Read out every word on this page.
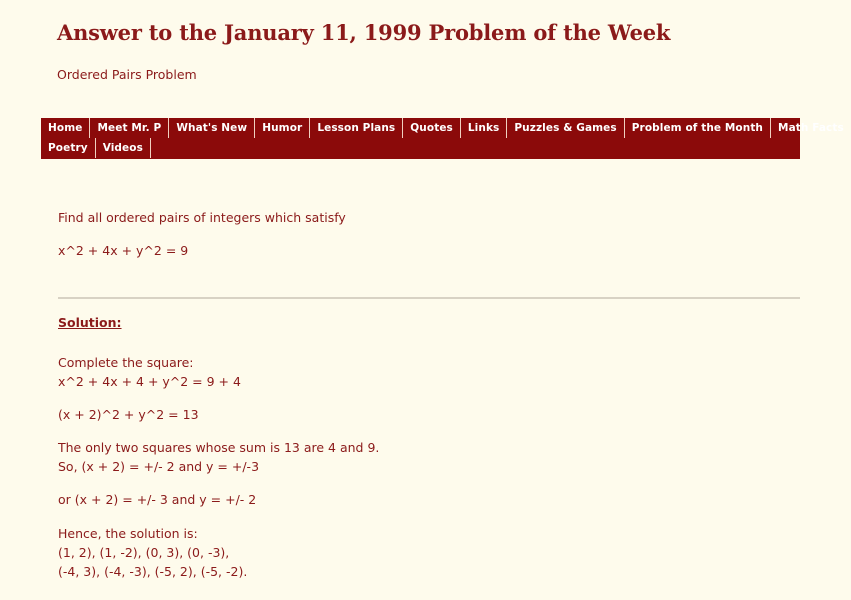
Answer to the January 11, 1999 Problem of the Week

Ordered Pairs Problem

Home	Meet Mr. P	What's New	Humor	Lesson Plans	Quotes	Links	Puzzles & Games	Problem of the Month	Math Facts
Poetry	Videos

Find all ordered pairs of integers which satisfy

x^2 + 4x + y^2 = 9

Solution:

Complete the square:

x^2 + 4x + 4 + y^2 = 9 + 4

(x + 2)^2 + y^2 = 13

The only two squares whose sum is 13 are 4 and 9.

So, (x + 2) = +/- 2 and y = +/-3

or (x + 2) = +/- 3 and y = +/- 2

Hence, the solution is:

(1, 2), (1, -2), (0, 3), (0, -3),

(-4, 3), (-4, -3), (-5, 2), (-5, -2).
